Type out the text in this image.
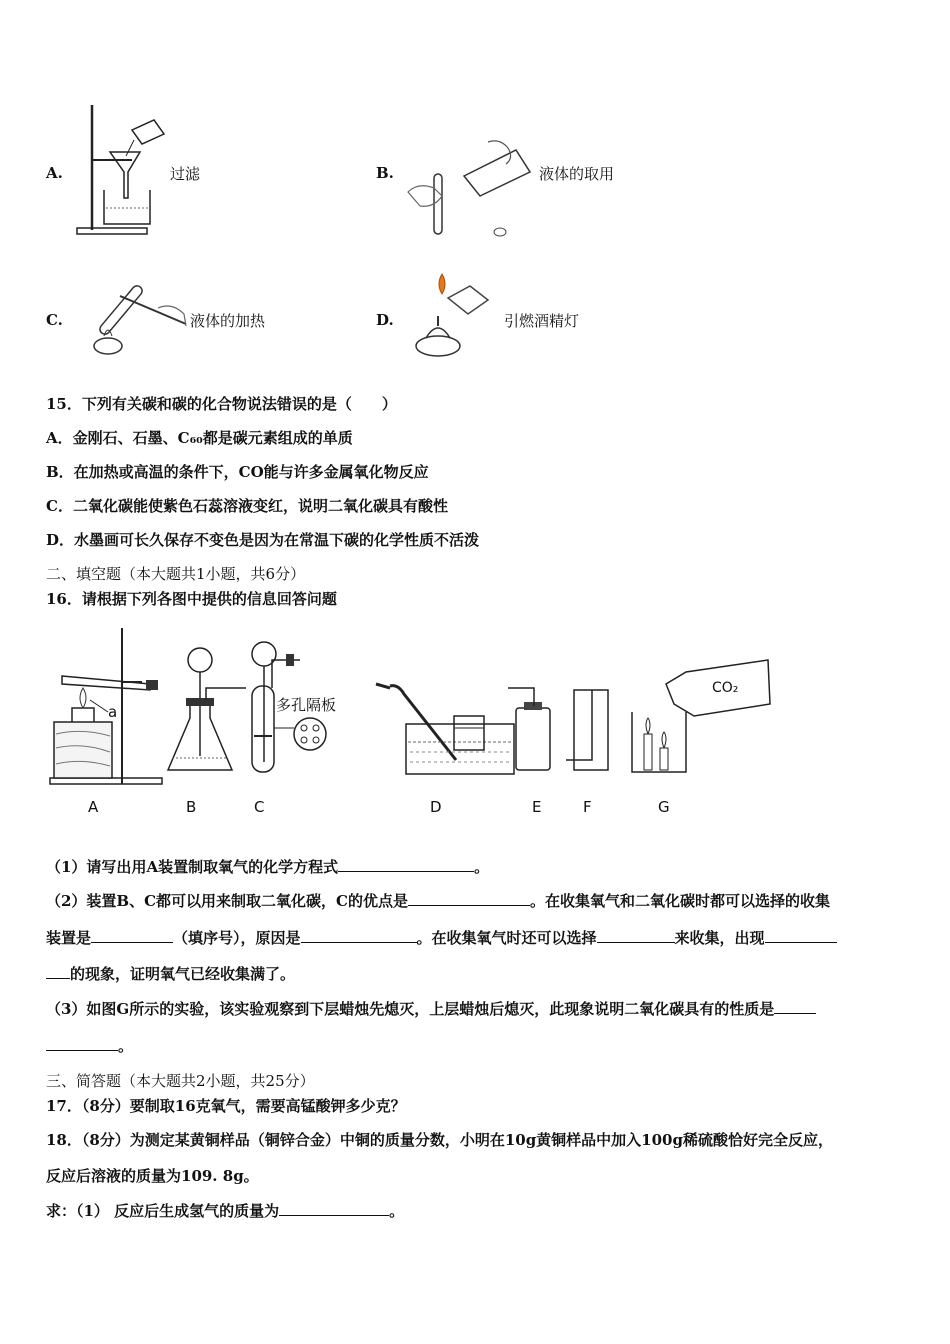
A.	过滤	B.	液体的取用
C.	液体的加热	D.	引燃酒精灯
15．下列有关碳和碳的化合物说法错误的是（　　）
A．金刚石、石墨、C₆₀都是碳元素组成的单质
B．在加热或高温的条件下，CO能与许多金属氧化物反应
C．二氧化碳能使紫色石蕊溶液变红，说明二氧化碳具有酸性
D．水墨画可长久保存不变色是因为在常温下碳的化学性质不活泼
二、填空题（本大题共1小题，共6分）
16．请根据下列各图中提供的信息回答问题
a	多孔隔板
CO₂
A	B	C	D	E	F	G
（1）请写出用A装置制取氧气的化学方程式	。
（2）装置B、C都可以用来制取二氧化碳，C的优点是	。在收集氧气和二氧化碳时都可以选择的收集
装置是	（填序号），原因是	。在收集氧气时还可以选择	来收集，出现
的现象，证明氧气已经收集满了。
（3）如图G所示的实验，该实验观察到下层蜡烛先熄灭，上层蜡烛后熄灭，此现象说明二氧化碳具有的性质是
。
三、简答题（本大题共2小题，共25分）
17．（8分）要制取16克氧气，需要高锰酸钾多少克？
18．（8分）为测定某黄铜样品（铜锌合金）中铜的质量分数，小明在10g黄铜样品中加入100g稀硫酸恰好完全反应，
反应后溶液的质量为109. 8g。
求：（1） 反应后生成氢气的质量为	。
